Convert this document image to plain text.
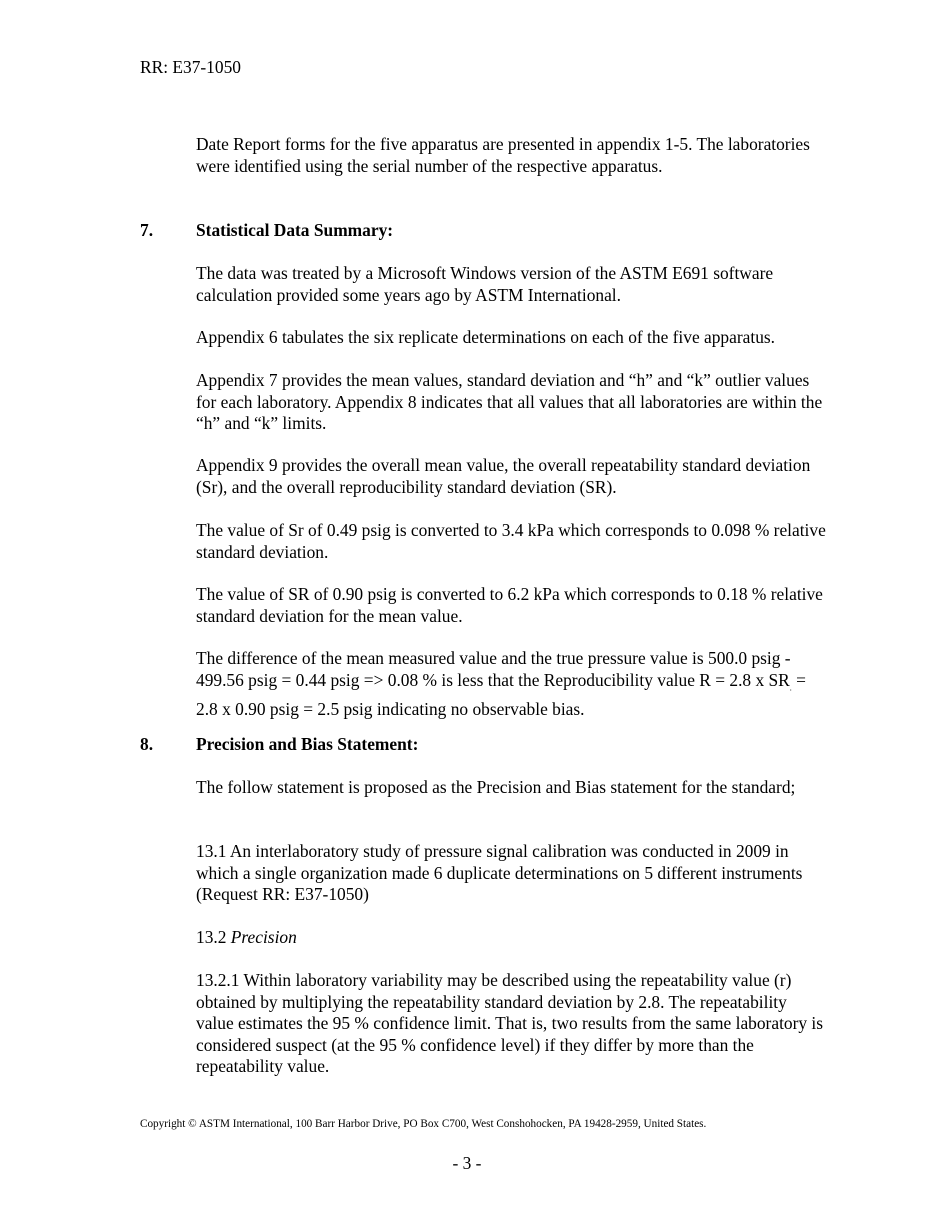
RR: E37-1050

Date Report forms for the five apparatus are presented in appendix 1-5. The laboratories were identified using the serial number of the respective apparatus.

7. Statistical Data Summary:

The data was treated by a Microsoft Windows version of the ASTM E691 software calculation provided some years ago by ASTM International.

Appendix 6 tabulates the six replicate determinations on each of the five apparatus.

Appendix 7 provides the mean values, standard deviation and “h” and “k” outlier values for each laboratory. Appendix 8 indicates that all values that all laboratories are within the “h” and “k” limits.

Appendix 9 provides the overall mean value, the overall repeatability standard deviation (Sr), and the overall reproducibility standard deviation (SR).

The value of Sr of 0.49 psig is converted to 3.4 kPa which corresponds to 0.098 % relative standard deviation.

The value of SR of 0.90 psig is converted to 6.2 kPa which corresponds to 0.18 % relative standard deviation for the mean value.

The difference of the mean measured value and the true pressure value is 500.0 psig - 499.56 psig = 0.44 psig => 0.08 % is less that the Reproducibility value R = 2.8 x $SR_. = 2.8$ x 0.90 psig = 2.5 psig indicating no observable bias.

8. Precision and Bias Statement:

The follow statement is proposed as the Precision and Bias statement for the standard;

13.1 An interlaboratory study of pressure signal calibration was conducted in 2009 in which a single organization made 6 duplicate determinations on 5 different instruments (Request RR: E37-1050)

13.2 Precision

13.2.1 Within laboratory variability may be described using the repeatability value (r) obtained by multiplying the repeatability standard deviation by 2.8. The repeatability value estimates the 95 % confidence limit. That is, two results from the same laboratory is considered suspect (at the 95 % confidence level) if they differ by more than the repeatability value.

Copyright © ASTM International, 100 Barr Harbor Drive, PO Box C700, West Conshohocken, PA 19428-2959, United States.
- 3 -
